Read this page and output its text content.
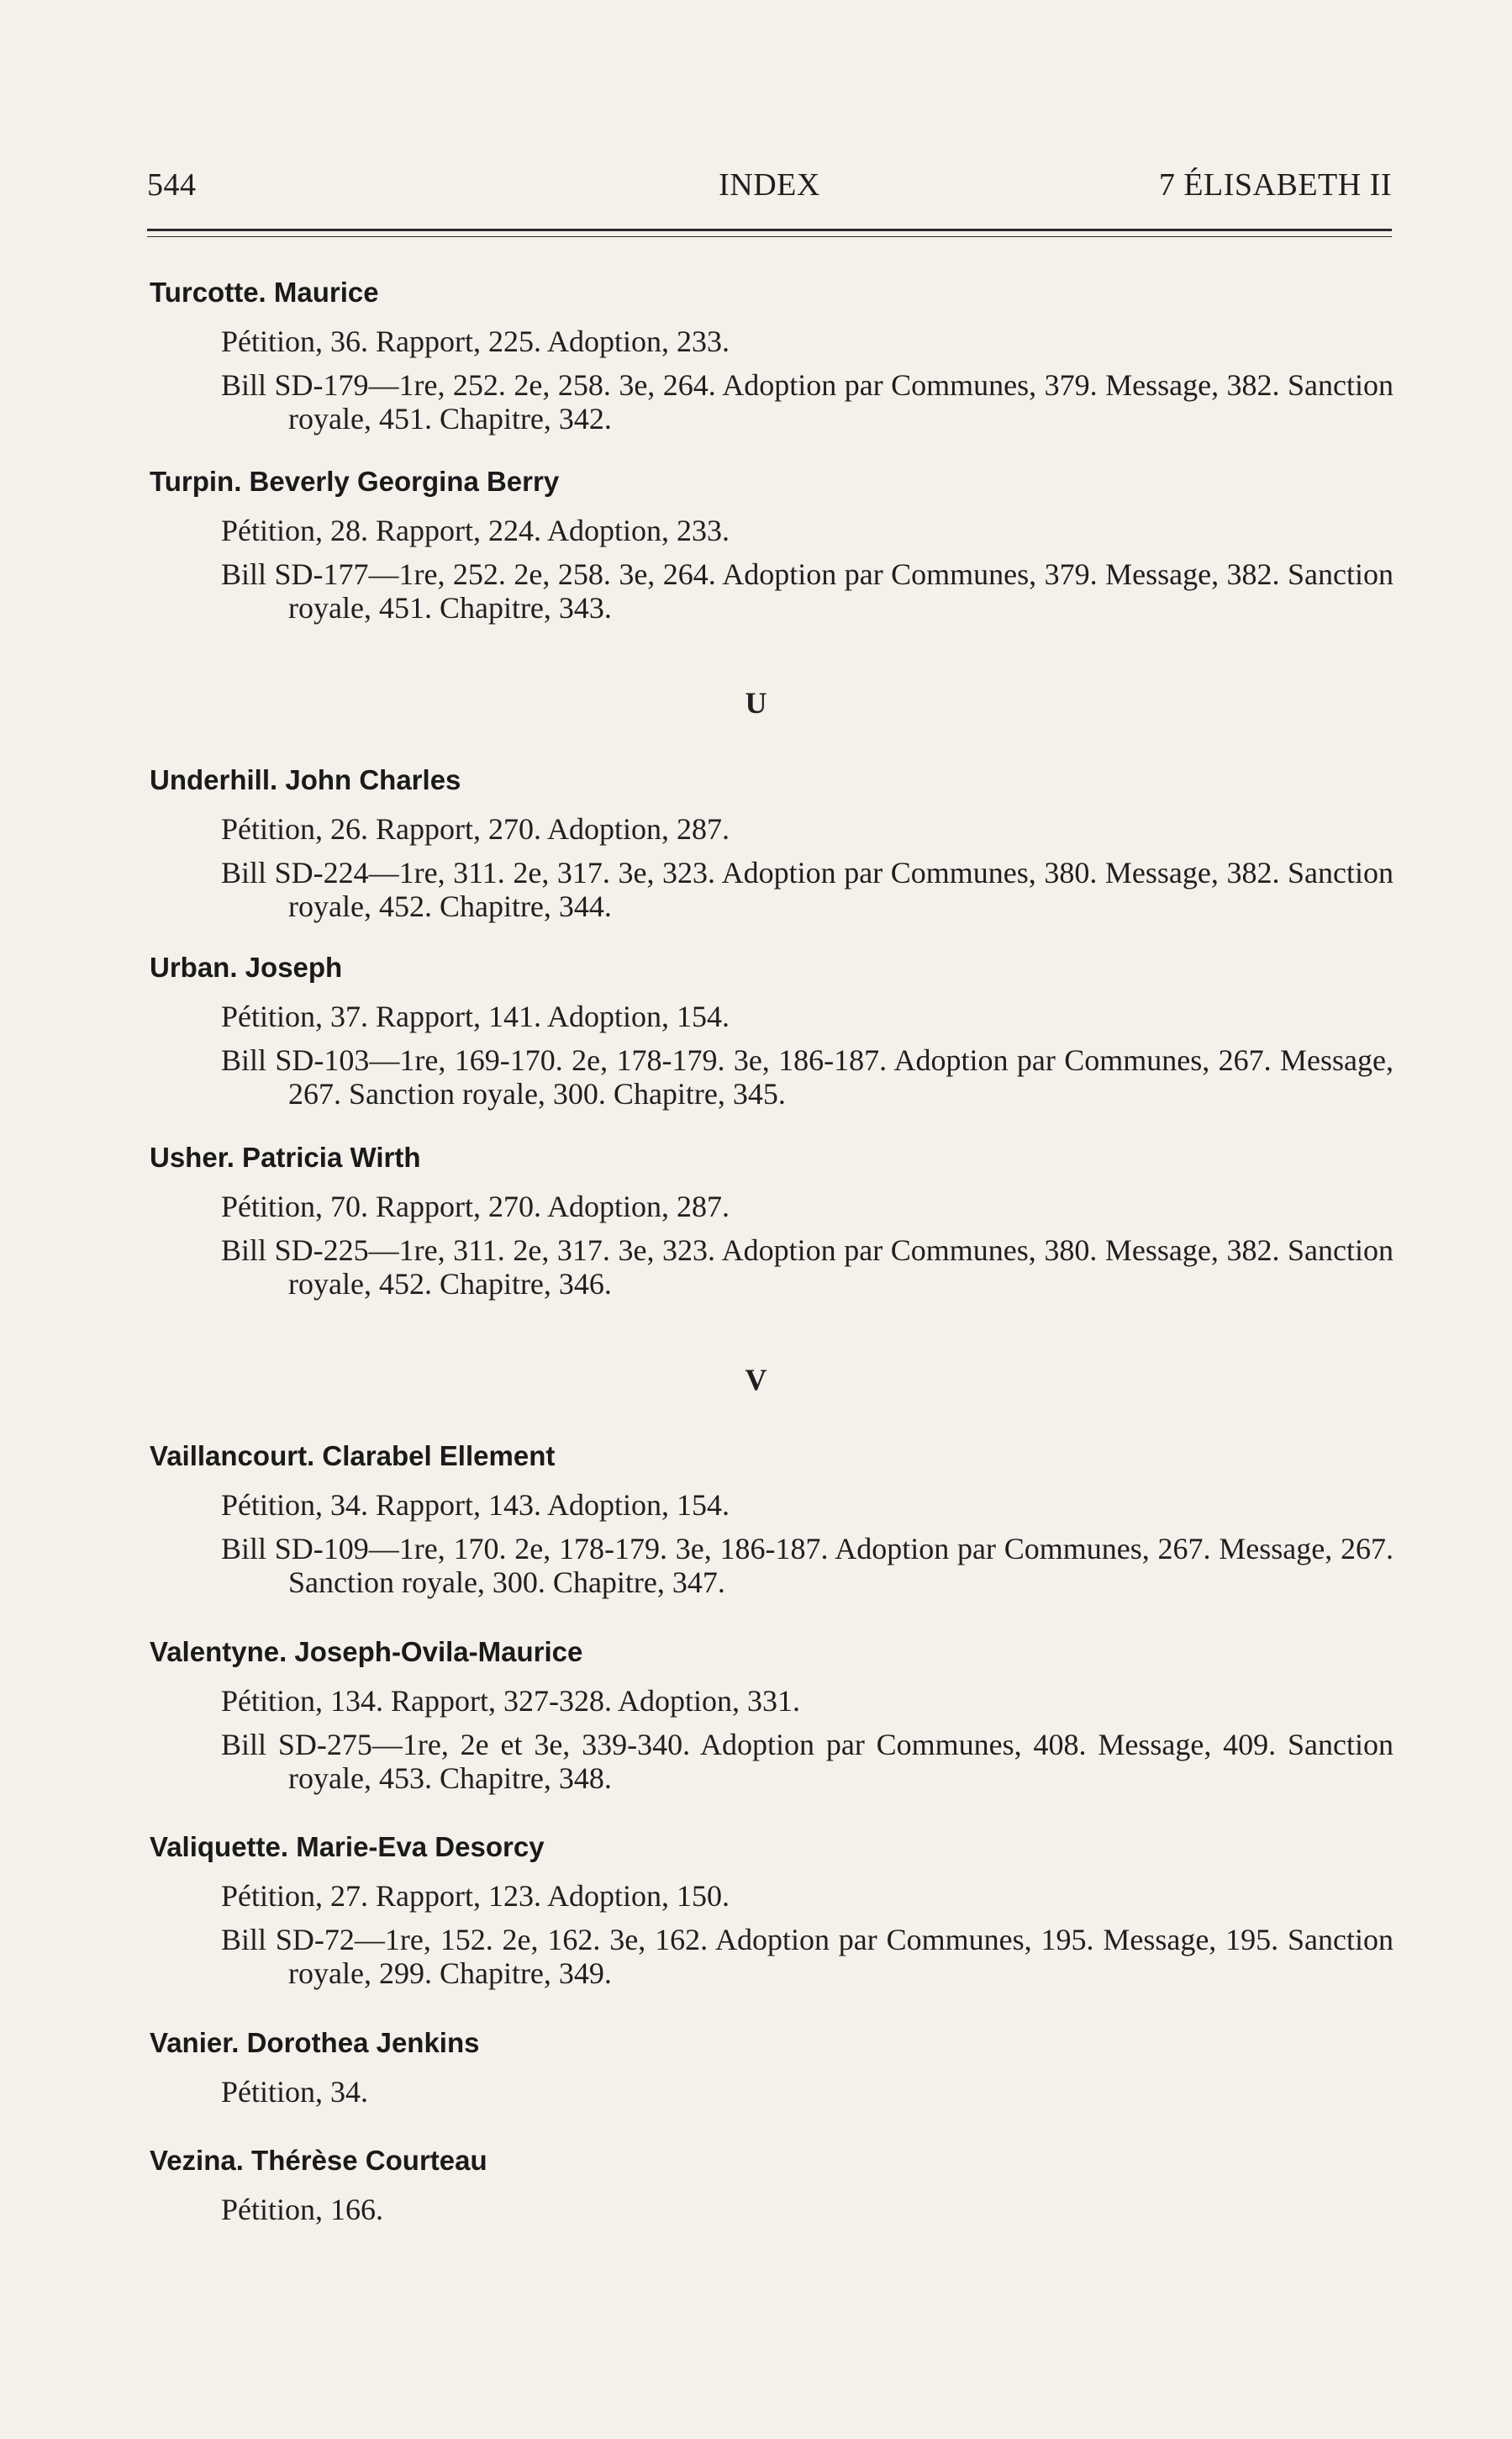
544	INDEX	7 ÉLISABETH II
Turcotte. Maurice
Pétition, 36. Rapport, 225. Adoption, 233.
Bill SD-179—1re, 252. 2e, 258. 3e, 264. Adoption par Communes, 379. Message, 382. Sanction royale, 451. Chapitre, 342.
Turpin. Beverly Georgina Berry
Pétition, 28. Rapport, 224. Adoption, 233.
Bill SD-177—1re, 252. 2e, 258. 3e, 264. Adoption par Communes, 379. Message, 382. Sanction royale, 451. Chapitre, 343.
U
Underhill. John Charles
Pétition, 26. Rapport, 270. Adoption, 287.
Bill SD-224—1re, 311. 2e, 317. 3e, 323. Adoption par Communes, 380. Message, 382. Sanction royale, 452. Chapitre, 344.
Urban. Joseph
Pétition, 37. Rapport, 141. Adoption, 154.
Bill SD-103—1re, 169-170. 2e, 178-179. 3e, 186-187. Adoption par Communes, 267. Message, 267. Sanction royale, 300. Chapitre, 345.
Usher. Patricia Wirth
Pétition, 70. Rapport, 270. Adoption, 287.
Bill SD-225—1re, 311. 2e, 317. 3e, 323. Adoption par Communes, 380. Message, 382. Sanction royale, 452. Chapitre, 346.
V
Vaillancourt. Clarabel Ellement
Pétition, 34. Rapport, 143. Adoption, 154.
Bill SD-109—1re, 170. 2e, 178-179. 3e, 186-187. Adoption par Communes, 267. Message, 267. Sanction royale, 300. Chapitre, 347.
Valentyne. Joseph-Ovila-Maurice
Pétition, 134. Rapport, 327-328. Adoption, 331.
Bill SD-275—1re, 2e et 3e, 339-340. Adoption par Communes, 408. Message, 409. Sanction royale, 453. Chapitre, 348.
Valiquette. Marie-Eva Desorcy
Pétition, 27. Rapport, 123. Adoption, 150.
Bill SD-72—1re, 152. 2e, 162. 3e, 162. Adoption par Communes, 195. Message, 195. Sanction royale, 299. Chapitre, 349.
Vanier. Dorothea Jenkins
Pétition, 34.
Vezina. Thérèse Courteau
Pétition, 166.
